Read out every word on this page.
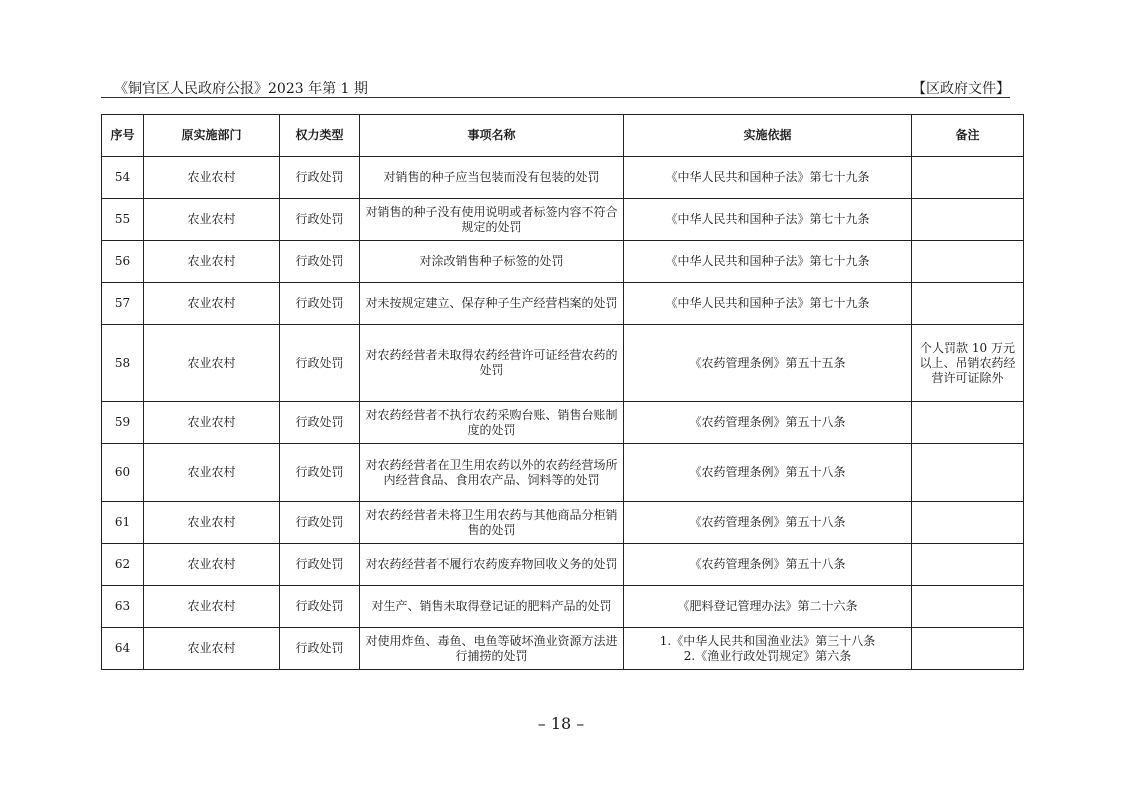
《铜官区人民政府公报》2023 年第 1 期	【区政府文件】
序号	原实施部门	权力类型	事项名称	实施依据	备注
54	农业农村	行政处罚	对销售的种子应当包装而没有包装的处罚	《中华人民共和国种子法》第七十九条	
55	农业农村	行政处罚	对销售的种子没有使用说明或者标签内容不符合规定的处罚	《中华人民共和国种子法》第七十九条	
56	农业农村	行政处罚	对涂改销售种子标签的处罚	《中华人民共和国种子法》第七十九条	
57	农业农村	行政处罚	对未按规定建立、保存种子生产经营档案的处罚	《中华人民共和国种子法》第七十九条	
58	农业农村	行政处罚	对农药经营者未取得农药经营许可证经营农药的处罚	《农药管理条例》第五十五条	个人罚款 10 万元以上、吊销农药经营许可证除外
59	农业农村	行政处罚	对农药经营者不执行农药采购台账、销售台账制度的处罚	《农药管理条例》第五十八条	
60	农业农村	行政处罚	对农药经营者在卫生用农药以外的农药经营场所内经营食品、食用农产品、饲料等的处罚	《农药管理条例》第五十八条	
61	农业农村	行政处罚	对农药经营者未将卫生用农药与其他商品分柜销售的处罚	《农药管理条例》第五十八条	
62	农业农村	行政处罚	对农药经营者不履行农药废弃物回收义务的处罚	《农药管理条例》第五十八条	
63	农业农村	行政处罚	对生产、销售未取得登记证的肥料产品的处罚	《肥料登记管理办法》第二十六条	
64	农业农村	行政处罚	对使用炸鱼、毒鱼、电鱼等破坏渔业资源方法进行捕捞的处罚	1.《中华人民共和国渔业法》第三十八条
2.《渔业行政处罚规定》第六条	
– 18 –
